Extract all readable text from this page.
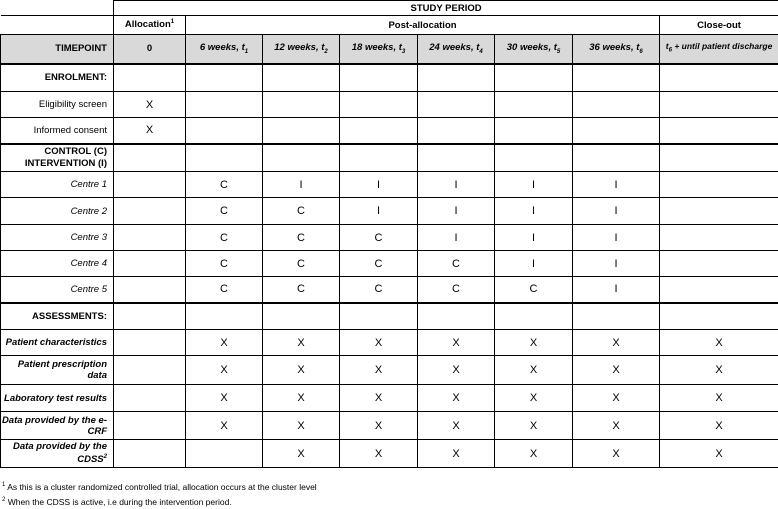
	STUDY PERIOD							
	Allocation$^1$	Post-allocation						Close-out
TIMEPOINT	0	6 weeks, $t_1$	12 weeks, $t_2$	18 weeks, $t_3$	24 weeks, $t_4$	30 weeks, $t_5$	36 weeks, $t_6$	$t_6$ + until patient discharge
ENROLMENT:								
Eligibility screen	X							
Informed consent	X							
CONTROL (C)
INTERVENTION (I)								
Centre 1		C	I	I	I	I	I	
Centre 2		C	C	I	I	I	I	
Centre 3		C	C	C	I	I	I	
Centre 4		C	C	C	C	I	I	
Centre 5		C	C	C	C	C	I	
ASSESSMENTS:								
Patient characteristics		X	X	X	X	X	X	X
Patient prescription data		X	X	X	X	X	X	X
Laboratory test results		X	X	X	X	X	X	X
Data provided by the e-CRF		X	X	X	X	X	X	X
Data provided by the CDSS$^2$			X	X	X	X	X	X
$^1$ As this is a cluster randomized controlled trial, allocation occurs at the cluster level
$^2$ When the CDSS is active, i.e during the intervention period.
